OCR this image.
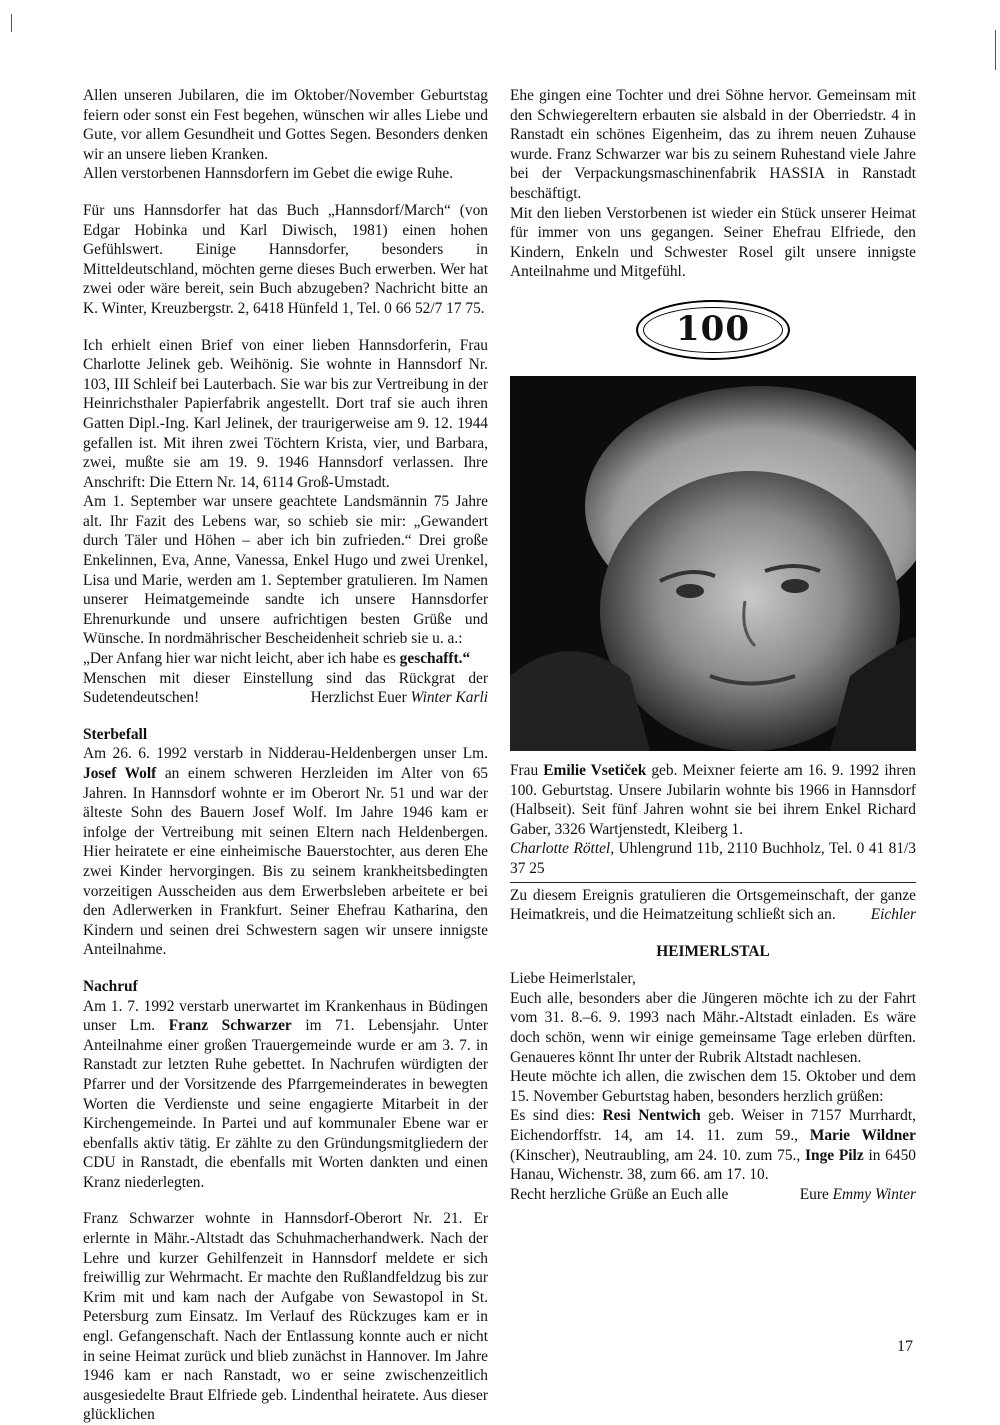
Allen unseren Jubilaren, die im Oktober/November Geburtstag feiern oder sonst ein Fest begehen, wünschen wir alles Liebe und Gute, vor allem Gesundheit und Gottes Segen. Besonders denken wir an unsere lieben Kranken.

Allen verstorbenen Hannsdorfern im Gebet die ewige Ruhe.

Für uns Hannsdorfer hat das Buch „Hannsdorf/March“ (von Edgar Hobinka und Karl Diwisch, 1981) einen hohen Gefühlswert. Einige Hannsdorfer, besonders in Mitteldeutschland, möchten gerne dieses Buch erwerben. Wer hat zwei oder wäre bereit, sein Buch abzugeben? Nachricht bitte an K. Winter, Kreuzbergstr. 2, 6418 Hünfeld 1, Tel. 0 66 52/7 17 75.

Ich erhielt einen Brief von einer lieben Hannsdorferin, Frau Charlotte Jelinek geb. Weihönig. Sie wohnte in Hannsdorf Nr. 103, III Schleif bei Lauterbach. Sie war bis zur Vertreibung in der Heinrichsthaler Papierfabrik angestellt. Dort traf sie auch ihren Gatten Dipl.-Ing. Karl Jelinek, der traurigerweise am 9. 12. 1944 gefallen ist. Mit ihren zwei Töchtern Krista, vier, und Barbara, zwei, mußte sie am 19. 9. 1946 Hannsdorf verlassen. Ihre Anschrift: Die Ettern Nr. 14, 6114 Groß-Umstadt.

Am 1. September war unsere geachtete Landsmännin 75 Jahre alt. Ihr Fazit des Lebens war, so schieb sie mir: „Gewandert durch Täler und Höhen – aber ich bin zufrieden.“ Drei große Enkelinnen, Eva, Anne, Vanessa, Enkel Hugo und zwei Urenkel, Lisa und Marie, werden am 1. September gratulieren. Im Namen unserer Heimatgemeinde sandte ich unsere Hannsdorfer Ehrenurkunde und unsere aufrichtigen besten Grüße und Wünsche. In nordmährischer Bescheidenheit schrieb sie u. a.:

„Der Anfang hier war nicht leicht, aber ich habe es geschafft.“

Menschen mit dieser Einstellung sind das Rückgrat der Sudetendeutschen!	Herzlichst Euer Winter Karli

Sterbefall

Am 26. 6. 1992 verstarb in Nidderau-Heldenbergen unser Lm. Josef Wolf an einem schweren Herzleiden im Alter von 65 Jahren. In Hannsdorf wohnte er im Oberort Nr. 51 und war der älteste Sohn des Bauern Josef Wolf. Im Jahre 1946 kam er infolge der Vertreibung mit seinen Eltern nach Heldenbergen. Hier heiratete er eine einheimische Bauerstochter, aus deren Ehe zwei Kinder hervorgingen. Bis zu seinem krankheitsbedingten vorzeitigen Ausscheiden aus dem Erwerbsleben arbeitete er bei den Adlerwerken in Frankfurt. Seiner Ehefrau Katharina, den Kindern und seinen drei Schwestern sagen wir unsere innigste Anteilnahme.

Nachruf

Am 1. 7. 1992 verstarb unerwartet im Krankenhaus in Büdingen unser Lm. Franz Schwarzer im 71. Lebensjahr. Unter Anteilnahme einer großen Trauergemeinde wurde er am 3. 7. in Ranstadt zur letzten Ruhe gebettet. In Nachrufen würdigten der Pfarrer und der Vorsitzende des Pfarrgemeinderates in bewegten Worten die Verdienste und seine engagierte Mitarbeit in der Kirchengemeinde. In Partei und auf kommunaler Ebene war er ebenfalls aktiv tätig. Er zählte zu den Gründungsmitgliedern der CDU in Ranstadt, die ebenfalls mit Worten dankten und einen Kranz niederlegten.

Franz Schwarzer wohnte in Hannsdorf-Oberort Nr. 21. Er erlernte in Mähr.-Altstadt das Schuhmacherhandwerk. Nach der Lehre und kurzer Gehilfenzeit in Hannsdorf meldete er sich freiwillig zur Wehrmacht. Er machte den Rußlandfeldzug bis zur Krim mit und kam nach der Aufgabe von Sewastopol in St. Petersburg zum Einsatz. Im Verlauf des Rückzuges kam er in engl. Gefangenschaft. Nach der Entlassung konnte auch er nicht in seine Heimat zurück und blieb zunächst in Hannover. Im Jahre 1946 kam er nach Ranstadt, wo er seine zwischenzeitlich ausgesiedelte Braut Elfriede geb. Lindenthal heiratete. Aus dieser glücklichen

Ehe gingen eine Tochter und drei Söhne hervor. Gemeinsam mit den Schwiegereltern erbauten sie alsbald in der Oberriedstr. 4 in Ranstadt ein schönes Eigenheim, das zu ihrem neuen Zuhause wurde. Franz Schwarzer war bis zu seinem Ruhestand viele Jahre bei der Verpackungsmaschinenfabrik HASSIA in Ranstadt beschäftigt.

Mit den lieben Verstorbenen ist wieder ein Stück unserer Heimat für immer von uns gegangen. Seiner Ehefrau Elfriede, den Kindern, Enkeln und Schwester Rosel gilt unsere innigste Anteilnahme und Mitgefühl.

100

Frau Emilie Vsetiček geb. Meixner feierte am 16. 9. 1992 ihren 100. Geburtstag. Unsere Jubilarin wohnte bis 1966 in Hannsdorf (Halbseit). Seit fünf Jahren wohnt sie bei ihrem Enkel Richard Gaber, 3326 Wartjenstedt, Kleiberg 1.

Charlotte Röttel, Uhlengrund 11b, 2110 Buchholz, Tel. 0 41 81/3 37 25

Zu diesem Ereignis gratulieren die Ortsgemeinschaft, der ganze Heimatkreis, und die Heimatzeitung schließt sich an. Eichler

HEIMERLSTAL

Liebe Heimerlstaler,

Euch alle, besonders aber die Jüngeren möchte ich zu der Fahrt vom 31. 8.–6. 9. 1993 nach Mähr.-Altstadt einladen. Es wäre doch schön, wenn wir einige gemeinsame Tage erleben dürften. Genaueres könnt Ihr unter der Rubrik Altstadt nachlesen.

Heute möchte ich allen, die zwischen dem 15. Oktober und dem 15. November Geburtstag haben, besonders herzlich grüßen:

Es sind dies: Resi Nentwich geb. Weiser in 7157 Murrhardt, Eichendorffstr. 14, am 14. 11. zum 59., Marie Wildner (Kinscher), Neutraubling, am 24. 10. zum 75., Inge Pilz in 6450 Hanau, Wichenstr. 38, zum 66. am 17. 10.

Recht herzliche Grüße an Euch alle	Eure Emmy Winter

17
